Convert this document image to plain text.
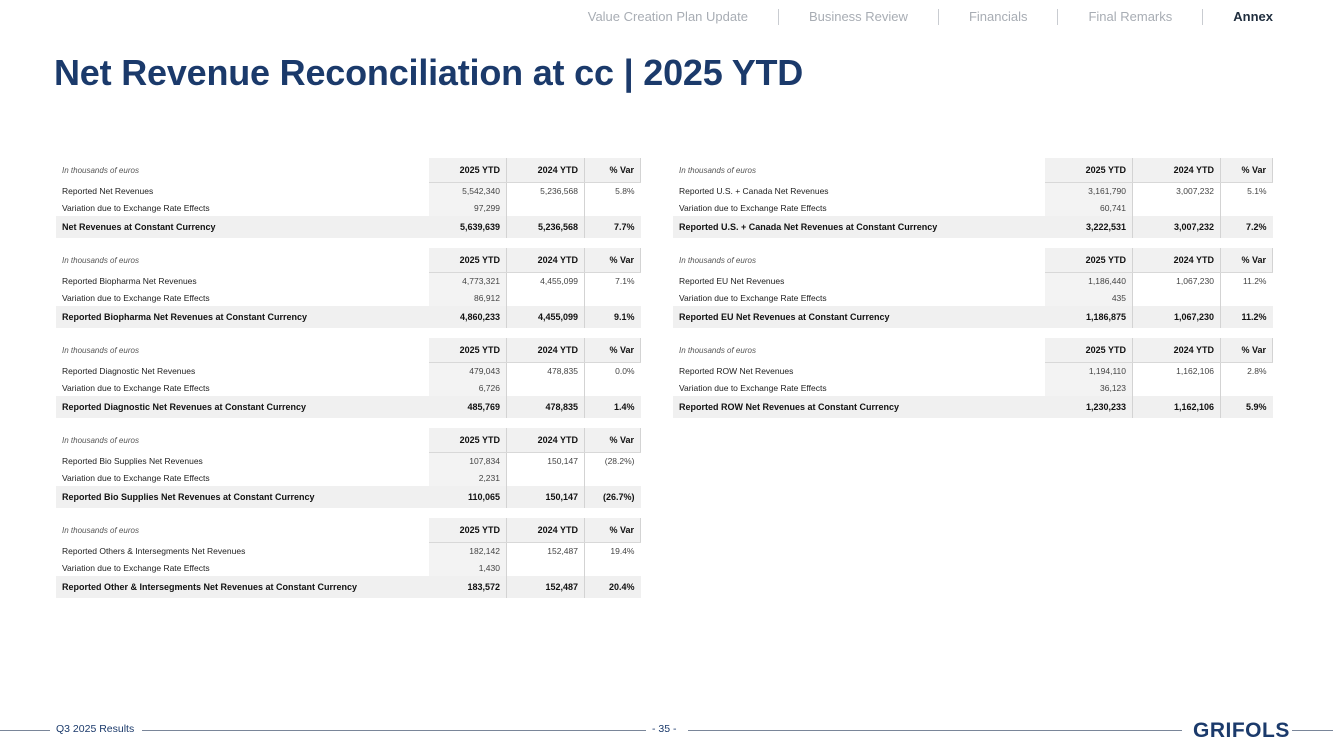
Value Creation Plan Update	Business Review	Financials	Final Remarks	Annex
Net Revenue Reconciliation at cc | 2025 YTD
In thousands of euros	2025 YTD	2024 YTD	% Var
Reported Net Revenues	5,542,340	5,236,568	5.8%
Variation due to Exchange Rate Effects	97,299		
Net Revenues at Constant Currency	5,639,639	5,236,568	7.7%
In thousands of euros	2025 YTD	2024 YTD	% Var
Reported Biopharma Net Revenues	4,773,321	4,455,099	7.1%
Variation due to Exchange Rate Effects	86,912		
Reported Biopharma Net Revenues at Constant Currency	4,860,233	4,455,099	9.1%
In thousands of euros	2025 YTD	2024 YTD	% Var
Reported Diagnostic Net Revenues	479,043	478,835	0.0%
Variation due to Exchange Rate Effects	6,726		
Reported Diagnostic Net Revenues at Constant Currency	485,769	478,835	1.4%
In thousands of euros	2025 YTD	2024 YTD	% Var
Reported Bio Supplies Net Revenues	107,834	150,147	(28.2%)
Variation due to Exchange Rate Effects	2,231		
Reported Bio Supplies Net Revenues at Constant Currency	110,065	150,147	(26.7%)
In thousands of euros	2025 YTD	2024 YTD	% Var
Reported Others & Intersegments Net Revenues	182,142	152,487	19.4%
Variation due to Exchange Rate Effects	1,430		
Reported Other & Intersegments Net Revenues at Constant Currency	183,572	152,487	20.4%
In thousands of euros	2025 YTD	2024 YTD	% Var
Reported U.S. + Canada Net Revenues	3,161,790	3,007,232	5.1%
Variation due to Exchange Rate Effects	60,741		
Reported U.S. + Canada Net Revenues at Constant Currency	3,222,531	3,007,232	7.2%
In thousands of euros	2025 YTD	2024 YTD	% Var
Reported EU Net Revenues	1,186,440	1,067,230	11.2%
Variation due to Exchange Rate Effects	435		
Reported EU Net Revenues at Constant Currency	1,186,875	1,067,230	11.2%
In thousands of euros	2025 YTD	2024 YTD	% Var
Reported ROW Net Revenues	1,194,110	1,162,106	2.8%
Variation due to Exchange Rate Effects	36,123		
Reported ROW Net Revenues at Constant Currency	1,230,233	1,162,106	5.9%
Q3 2025 Results	- 35 -	GRIFOLS
